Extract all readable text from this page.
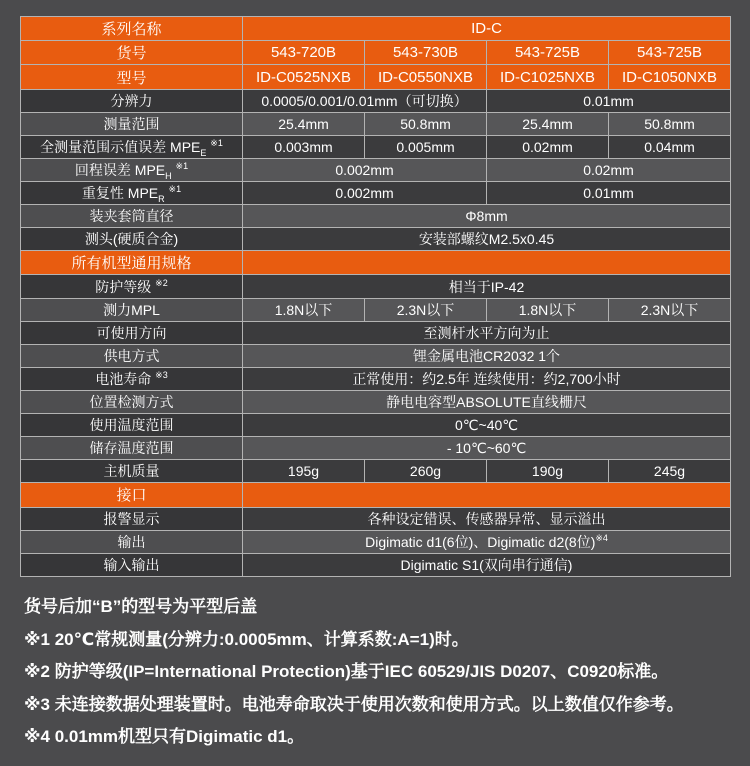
系列名称	ID-C			
货号	543-720B	543-730B	543-725B	543-725B
型号	ID-C0525NXB	ID-C0550NXB	ID-C1025NXB	ID-C1050NXB
分辨力	0.0005/0.001/0.01mm（可切换）		0.01mm	
测量范围	25.4mm	50.8mm	25.4mm	50.8mm
全测量范围示值误差 $MPE_E$ $^{※1}$	0.003mm	0.005mm	0.02mm	0.04mm
回程误差 $MPE_H$ $^{※1}$	0.002mm		0.02mm	
重复性 $MPE_R$ $^{※1}$	0.002mm		0.01mm	
装夹套筒直径	Φ8mm			
测头(硬质合金)	安装部螺纹M2.5x0.45			
所有机型通用规格				
防护等级 $^{※2}$	相当于IP-42			
测力MPL	1.8N以下	2.3N以下	1.8N以下	2.3N以下
可使用方向	至测杆水平方向为止			
供电方式	锂金属电池CR2032 1个			
电池寿命 $^{※3}$	正常使用：约2.5年 连续使用：约2,700小时			
位置检测方式	静电电容型ABSOLUTE直线栅尺			
使用温度范围	0℃~40℃			
储存温度范围	- 10℃~60℃			
主机质量	195g	260g	190g	245g
接口				
报警显示	各种设定错误、传感器异常、显示溢出			
输出	Digimatic d1(6位)、Digimatic d2(8位)$^{※4}$
输入输出	Digimatic S1(双向串行通信)			
货号后加“B”的型号为平型后盖
※1 20℃常规测量(分辨力:0.0005mm、计算系数:A=1)时。
※2 防护等级(IP=International Protection)基于IEC 60529/JIS D0207、C0920标准。
※3 未连接数据处理装置时。电池寿命取决于使用次数和使用方式。以上数值仅作参考。
※4 0.01mm机型只有Digimatic d1。
